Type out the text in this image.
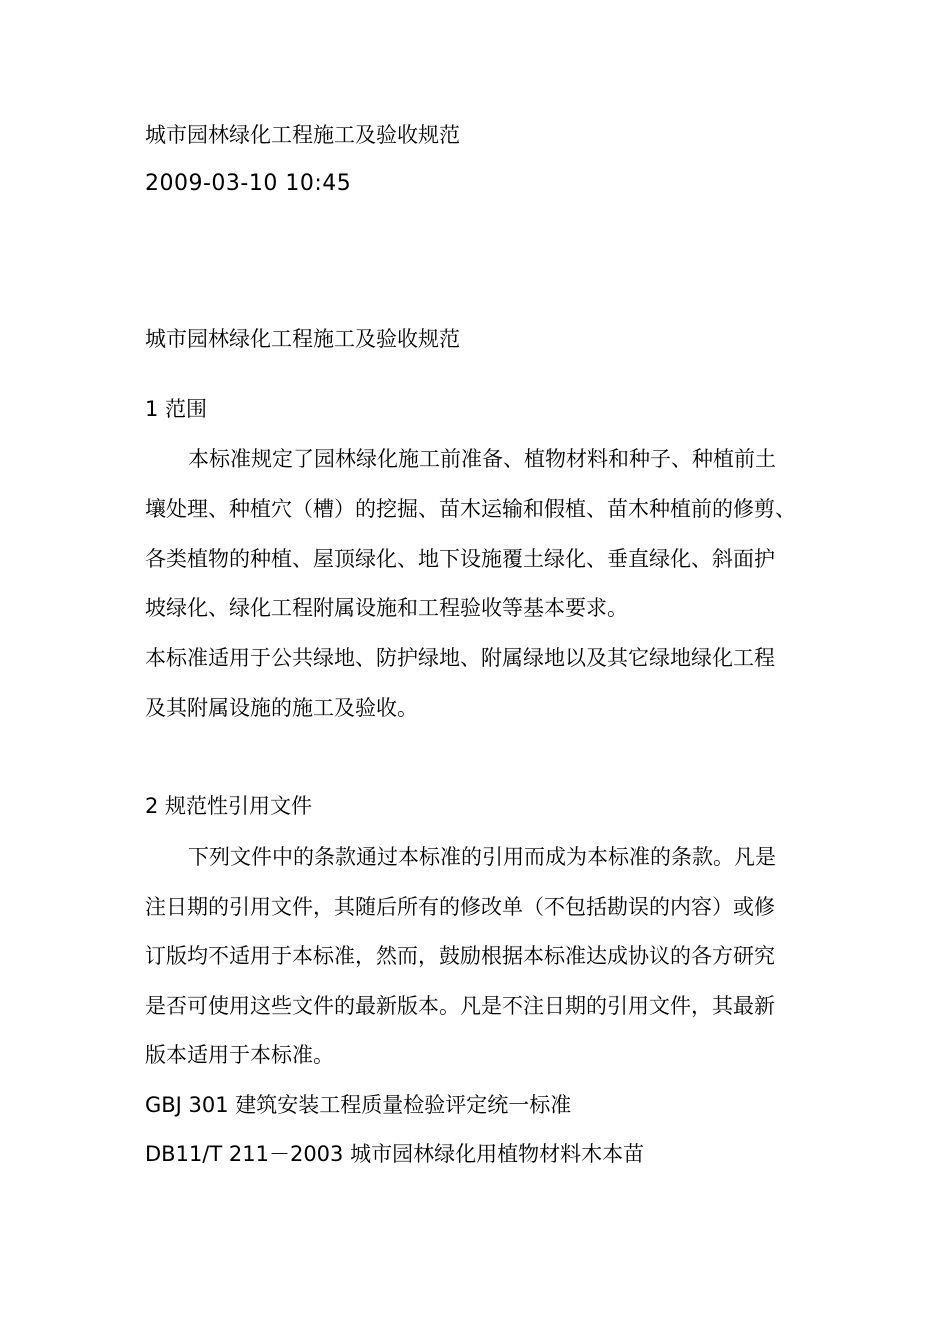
城市园林绿化工程施工及验收规范
2009-03-10 10:45
城市园林绿化工程施工及验收规范
1 范围
本标准规定了园林绿化施工前准备、植物材料和种子、种植前土
壤处理、种植穴（槽）的挖掘、苗木运输和假植、苗木种植前的修剪、
各类植物的种植、屋顶绿化、地下设施覆土绿化、垂直绿化、斜面护
坡绿化、绿化工程附属设施和工程验收等基本要求。
本标准适用于公共绿地、防护绿地、附属绿地以及其它绿地绿化工程
及其附属设施的施工及验收。
2 规范性引用文件
下列文件中的条款通过本标准的引用而成为本标准的条款。凡是
注日期的引用文件，其随后所有的修改单（不包括勘误的内容）或修
订版均不适用于本标准，然而，鼓励根据本标准达成协议的各方研究
是否可使用这些文件的最新版本。凡是不注日期的引用文件，其最新
版本适用于本标准。
GBJ 301 建筑安装工程质量检验评定统一标准
DB11/T 211－2003 城市园林绿化用植物材料木本苗
